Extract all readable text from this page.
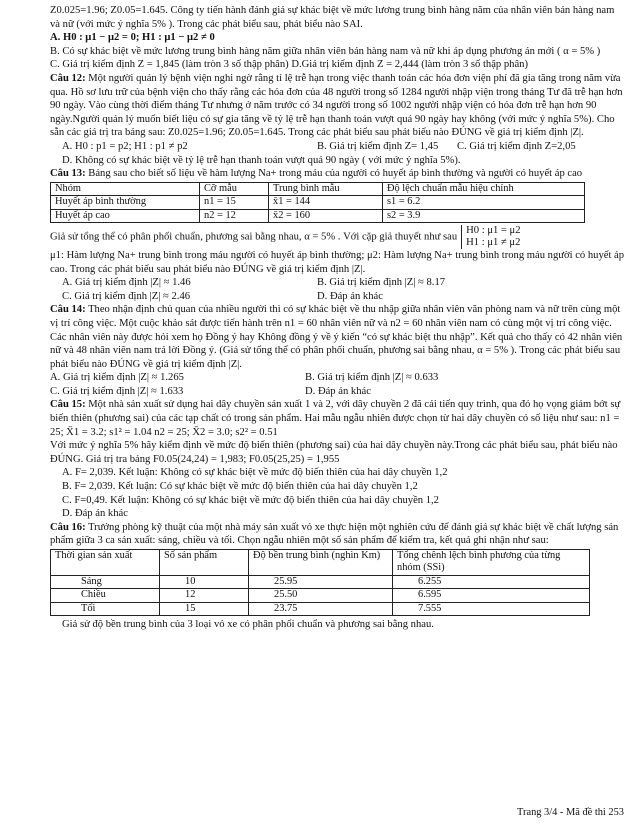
Z0.025=1.96; Z0.05=1.645. Công ty tiến hành đánh giá sự khác biệt về mức lương trung bình hàng năm của nhân viên bán hàng nam và nữ (với mức ý nghĩa 5% ). Trong các phát biểu sau, phát biểu nào SAI.

A. H0 : μ1 − μ2 = 0; H1 : μ1 − μ2 ≠ 0

B. Có sự khác biệt về mức lương trung bình hàng năm giữa nhân viên bán hàng nam và nữ khi áp dụng phương án mới ( α = 5% )

C. Giá trị kiểm định Z = 1,845 (làm tròn 3 số thập phân) D.Giá trị kiểm định Z = 2,444 (làm tròn 3 số thập phân)

Câu 12: Một người quản lý bệnh viện nghi ngờ rằng tỉ lệ trễ hạn trong việc thanh toán các hóa đơn viện phí đã gia tăng trong năm vừa qua. Hồ sơ lưu trữ của bệnh viện cho thấy rằng các hóa đơn của 48 người trong số 1284 người nhập viện trong tháng Tư đã trễ hạn hơn 90 ngày. Vào cùng thời điểm tháng Tư nhưng ở năm trước có 34 người trong số 1002 người nhập viện có hóa đơn trễ hạn hơn 90 ngày.Người quản lý muốn biết liệu có sự gia tăng về tỷ lệ trễ hạn thanh toán vượt quá 90 ngày hay không (với mức ý nghĩa 5%). Cho sẵn các giá trị tra bảng sau: Z0.025=1.96; Z0.05=1.645. Trong các phát biểu sau phát biểu nào ĐÚNG về giá trị kiểm định |Z|.

A. H0 : p1 = p2; H1 : p1 ≠ p2	B. Giá trị kiểm định Z= 1,45	C. Giá trị kiểm định Z=2,05

D. Không có sự khác biệt về tỷ lệ trễ hạn thanh toán vượt quá 90 ngày ( với mức ý nghĩa 5%).

Câu 13: Bảng sau cho biết số liệu về hàm lượng Na+ trong máu của người có huyết áp bình thường và người có huyết áp cao

Nhóm	Cỡ mẫu	Trung bình mẫu	Độ lệch chuẩn mẫu hiệu chỉnh
Huyết áp bình thường	n1 = 15	x̄1 = 144	s1 = 6.2
Huyết áp cao	n2 = 12	x̄2 = 160	s2 = 3.9

Giả sử tổng thể có phân phối chuẩn, phương sai bằng nhau, α = 5% . Với cặp giả thuyết như sauH0 : μ1 = μ2
H1 : μ1 ≠ μ2

μ1: Hàm lượng Na+ trung bình trong máu người có huyết áp bình thường; μ2: Hàm lượng Na+ trung bình trong máu người có huyết áp cao. Trong các phát biểu sau phát biểu nào ĐÚNG về giá trị kiểm định |Z|.

A. Giá trị kiểm định |Z| ≈ 1.46	B. Giá trị kiểm định |Z| ≈ 8.17
C. Giá trị kiểm định |Z| ≈ 2.46	D. Đáp án khác

Câu 14: Theo nhận định chủ quan của nhiều người thì có sự khác biệt về thu nhập giữa nhân viên văn phòng nam và nữ trên cùng một vị trí công việc. Một cuộc khảo sát được tiến hành trên n1 = 60 nhân viên nữ và n2 = 60 nhân viên nam có cùng một vị trí công việc. Các nhân viên này được hỏi xem họ Đồng ý hay Không đồng ý về ý kiến “có sự khác biệt thu nhập”. Kết quả cho thấy có 42 nhân viên nữ và 48 nhân viên nam trả lời Đồng ý. (Giả sử tổng thể có phân phối chuẩn, phương sai bằng nhau, α = 5% ). Trong các phát biểu sau phát biểu nào ĐÚNG về giá trị kiểm định |Z|.

A. Giá trị kiểm định |Z| ≈ 1.265	B. Giá trị kiểm định |Z| ≈ 0.633
C. Giá trị kiểm định |Z| ≈ 1.633	D. Đáp án khác

Câu 15: Một nhà sản xuất sử dụng hai dây chuyền sản xuất 1 và 2, với dây chuyền 2 đã cải tiến quy trình, qua đó họ vọng giảm bớt sự biến thiên (phương sai) của các tạp chất có trong sản phẩm. Hai mẫu ngẫu nhiên được chọn từ hai dây chuyền có số liệu như sau: n1 = 25; X̄1 = 3.2; s1² = 1.04 n2 = 25; X̄2 = 3.0; s2² = 0.51

Với mức ý nghĩa 5% hãy kiểm định về mức độ biến thiên (phương sai) của hai dây chuyền này.Trong các phát biểu sau, phát biểu nào ĐÚNG. Giá trị tra bảng F0.05(24,24) = 1,983; F0.05(25,25) = 1,955

A. F= 2,039. Kết luận: Không có sự khác biệt về mức độ biến thiên của hai dây chuyền 1,2

B. F= 2,039. Kết luận: Có sự khác biệt về mức độ biến thiên của hai dây chuyền 1,2

C. F=0,49. Kết luận: Không có sự khác biệt về mức độ biến thiên của hai dây chuyền 1,2

D. Đáp án khác

Câu 16: Trưởng phòng kỹ thuật của một nhà máy sản xuất vỏ xe thực hiện một nghiên cứu để đánh giá sự khác biệt về chất lượng sản phẩm giữa 3 ca sản xuất: sáng, chiều và tối. Chọn ngẫu nhiên một số sản phẩm để kiểm tra, kết quả ghi nhận như sau:

Thời gian sản xuất	Số sản phẩm	Độ bền trung bình (nghìn Km)	Tổng chênh lệch bình phương của từng nhóm (SSi)
Sáng	10	25.95	6.255
Chiều	12	25.50	6.595
Tối	15	23.75	7.555

Giả sử độ bền trung bình của 3 loại vỏ xe có phân phối chuẩn và phương sai bằng nhau.

Trang 3/4 - Mã đề thi 253
